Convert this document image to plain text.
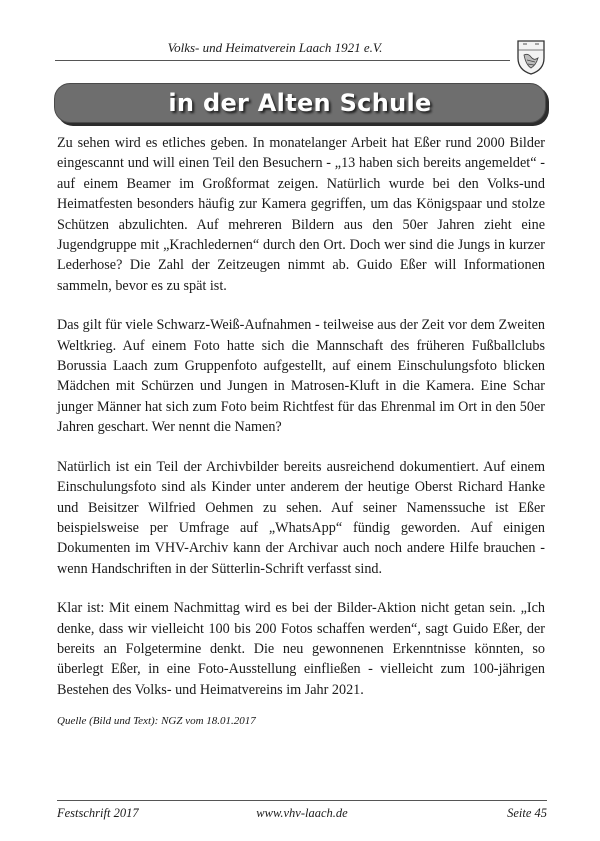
Volks- und Heimatverein Laach 1921 e.V.
in der Alten Schule

Zu sehen wird es etliches geben. In monatelanger Arbeit hat Eßer rund 2000 Bilder eingescannt und will einen Teil den Besuchern - „13 haben sich bereits angemeldet“ - auf einem Beamer im Großformat zeigen. Natürlich wurde bei den Volks-und Heimatfesten besonders häufig zur Kamera gegriffen, um das Königspaar und stolze Schützen abzulichten. Auf mehreren Bildern aus den 50er Jahren zieht eine Jugendgruppe mit „Krachledernen“ durch den Ort. Doch wer sind die Jungs in kurzer Lederhose? Die Zahl der Zeitzeugen nimmt ab. Guido Eßer will Informationen sammeln, bevor es zu spät ist.

Das gilt für viele Schwarz-Weiß-Aufnahmen - teilweise aus der Zeit vor dem Zweiten Weltkrieg. Auf einem Foto hatte sich die Mannschaft des früheren Fußballclubs Borussia Laach zum Gruppenfoto aufgestellt, auf einem Einschulungsfoto blicken Mädchen mit Schürzen und Jungen in Matrosen-Kluft in die Kamera. Eine Schar junger Männer hat sich zum Foto beim Richtfest für das Ehrenmal im Ort in den 50er Jahren geschart. Wer nennt die Namen?

Natürlich ist ein Teil der Archivbilder bereits ausreichend dokumentiert. Auf einem Einschulungsfoto sind als Kinder unter anderem der heutige Oberst Richard Hanke und Beisitzer Wilfried Oehmen zu sehen. Auf seiner Namenssuche ist Eßer beispielsweise per Umfrage auf „WhatsApp“ fündig geworden. Auf einigen Dokumenten im VHV-Archiv kann der Archivar auch noch andere Hilfe brauchen - wenn Handschriften in der Sütterlin-Schrift verfasst sind.

Klar ist: Mit einem Nachmittag wird es bei der Bilder-Aktion nicht getan sein. „Ich denke, dass wir vielleicht 100 bis 200 Fotos schaffen werden“, sagt Guido Eßer, der bereits an Folgetermine denkt. Die neu gewonnenen Erkenntnisse könnten, so überlegt Eßer, in eine Foto-Ausstellung einfließen - vielleicht zum 100-jährigen Bestehen des Volks- und Heimatvereins im Jahr 2021.

Quelle (Bild und Text): NGZ vom 18.01.2017
Festschrift 2017	www.vhv-laach.de	Seite 45
